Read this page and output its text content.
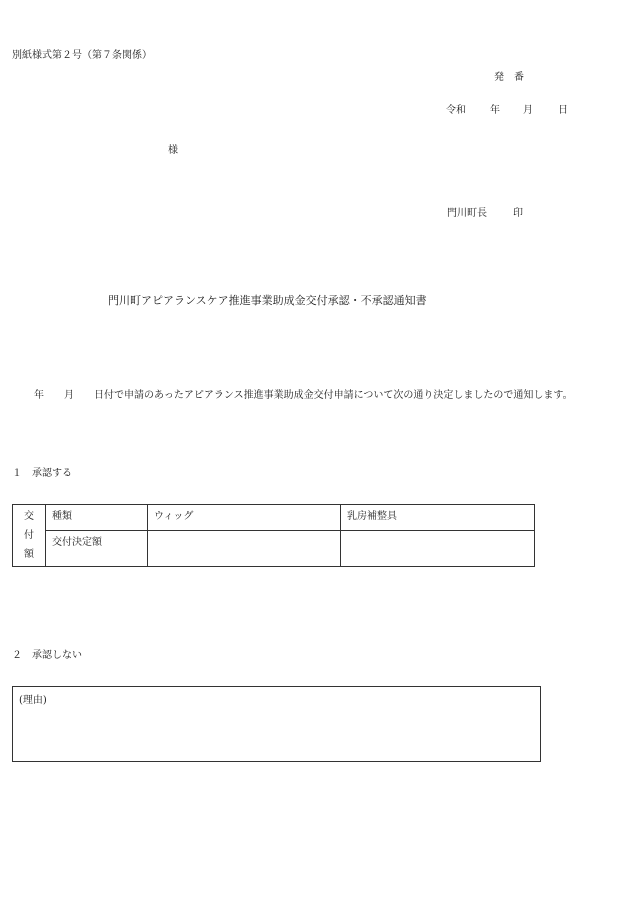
別紙様式第２号（第７条関係）
発　番
令和 年 月	日
様
門川町長	印
門川町アピアランスケア推進事業助成金交付承認・不承認通知書
年　　月　　日付で申請のあったアピアランス推進事業助成金交付申請について次の通り決定しましたので通知します。
１　承認する
交
付
額	種類	ウィッグ	乳房補整具
	交付決定額		
２　承認しない
(理由)
